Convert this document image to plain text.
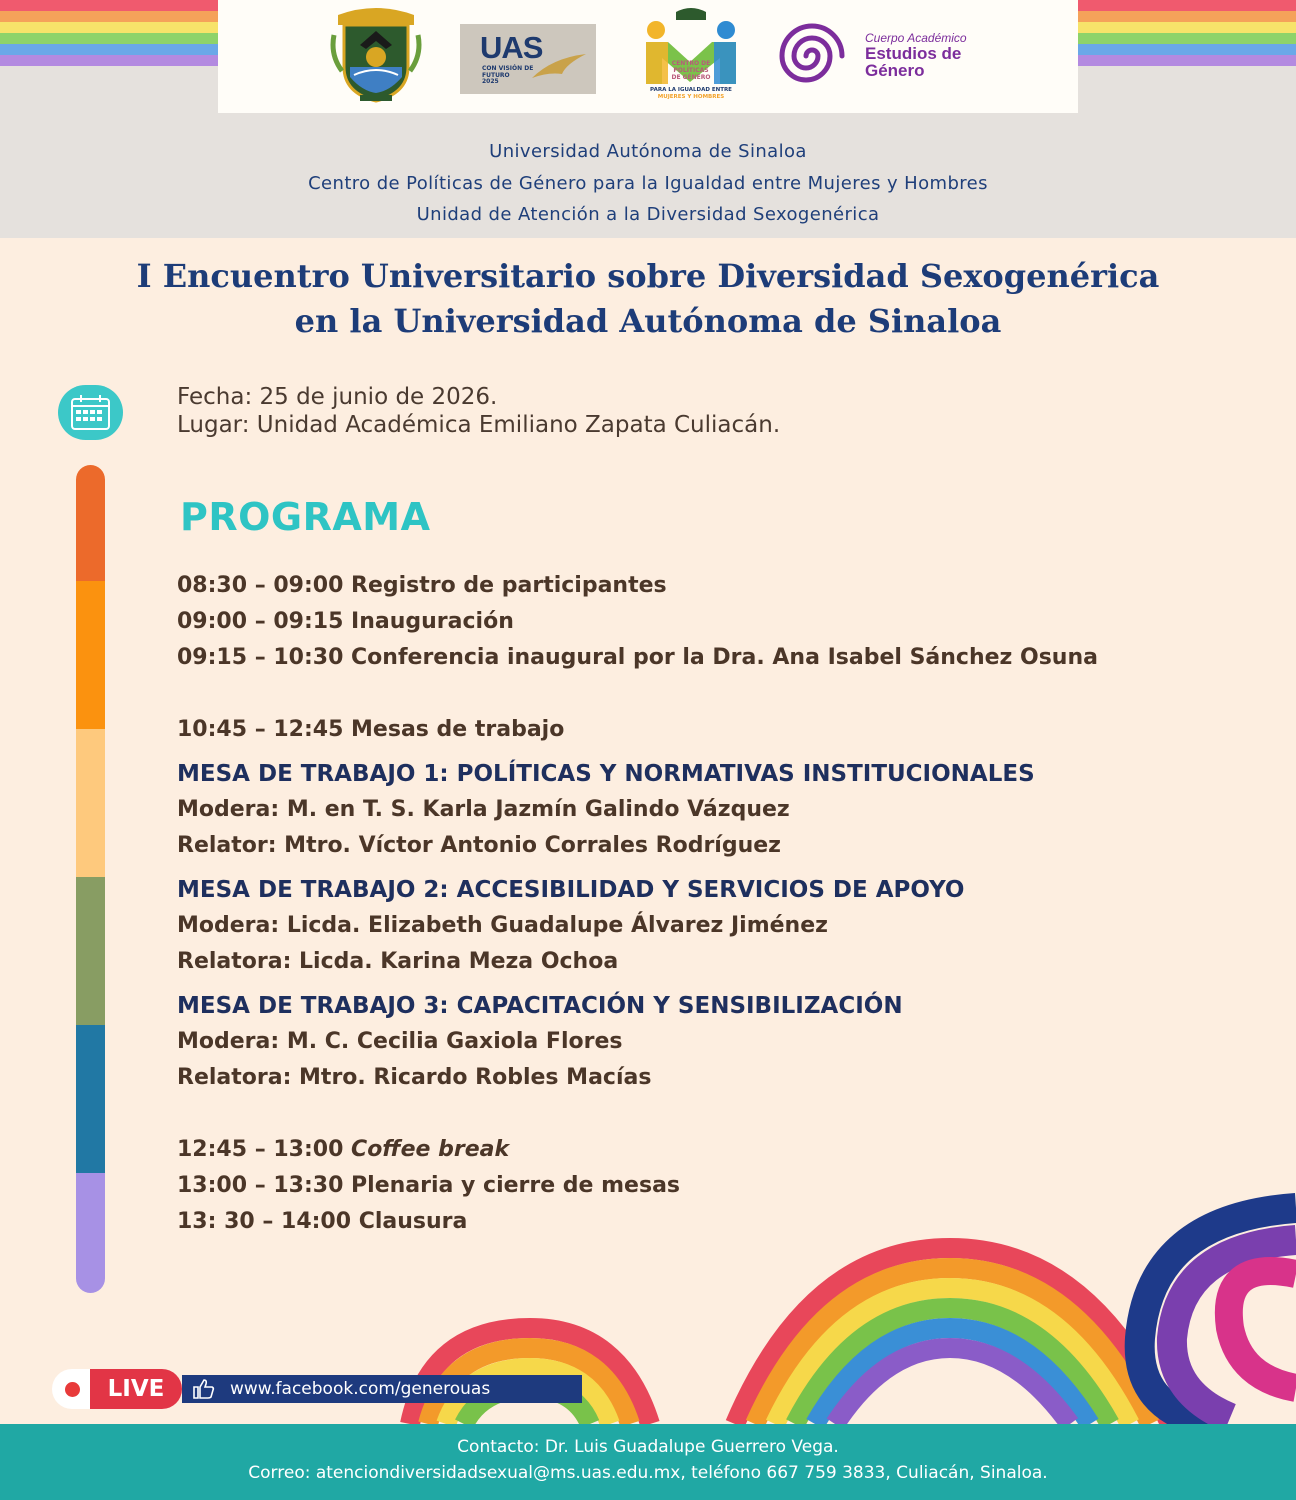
UAS
CON VISIÓN DE
FUTURO
2025
CENTRO DE
POLÍTICAS
DE GÉNERO
PARA LA IGUALDAD ENTRE
MUJERES Y HOMBRES
Cuerpo Académico
Estudios de
Género
Universidad Autónoma de Sinaloa
Centro de Políticas de Género para la Igualdad entre Mujeres y Hombres
Unidad de Atención a la Diversidad Sexogenérica
I Encuentro Universitario sobre Diversidad Sexogenérica
en la Universidad Autónoma de Sinaloa
Fecha: 25 de junio de 2026.
Lugar: Unidad Académica Emiliano Zapata Culiacán.
PROGRAMA
08:30 – 09:00 Registro de participantes
09:00 – 09:15 Inauguración
09:15 – 10:30 Conferencia inaugural por la Dra. Ana Isabel Sánchez Osuna
10:45 – 12:45 Mesas de trabajo
MESA DE TRABAJO 1: POLÍTICAS Y NORMATIVAS INSTITUCIONALES
Modera: M. en T. S. Karla Jazmín Galindo Vázquez
Relator: Mtro. Víctor Antonio Corrales Rodríguez
MESA DE TRABAJO 2: ACCESIBILIDAD Y SERVICIOS DE APOYO
Modera: Licda. Elizabeth Guadalupe Álvarez Jiménez
Relatora: Licda. Karina Meza Ochoa
MESA DE TRABAJO 3: CAPACITACIÓN Y SENSIBILIZACIÓN
Modera: M. C. Cecilia Gaxiola Flores
Relatora: Mtro. Ricardo Robles Macías
12:45 – 13:00 Coffee break
13:00 – 13:30 Plenaria y cierre de mesas
13: 30 – 14:00 Clausura
LIVE	www.facebook.com/generouas
Contacto: Dr. Luis Guadalupe Guerrero Vega.
Correo: atenciondiversidadsexual@ms.uas.edu.mx, teléfono 667 759 3833, Culiacán, Sinaloa.
